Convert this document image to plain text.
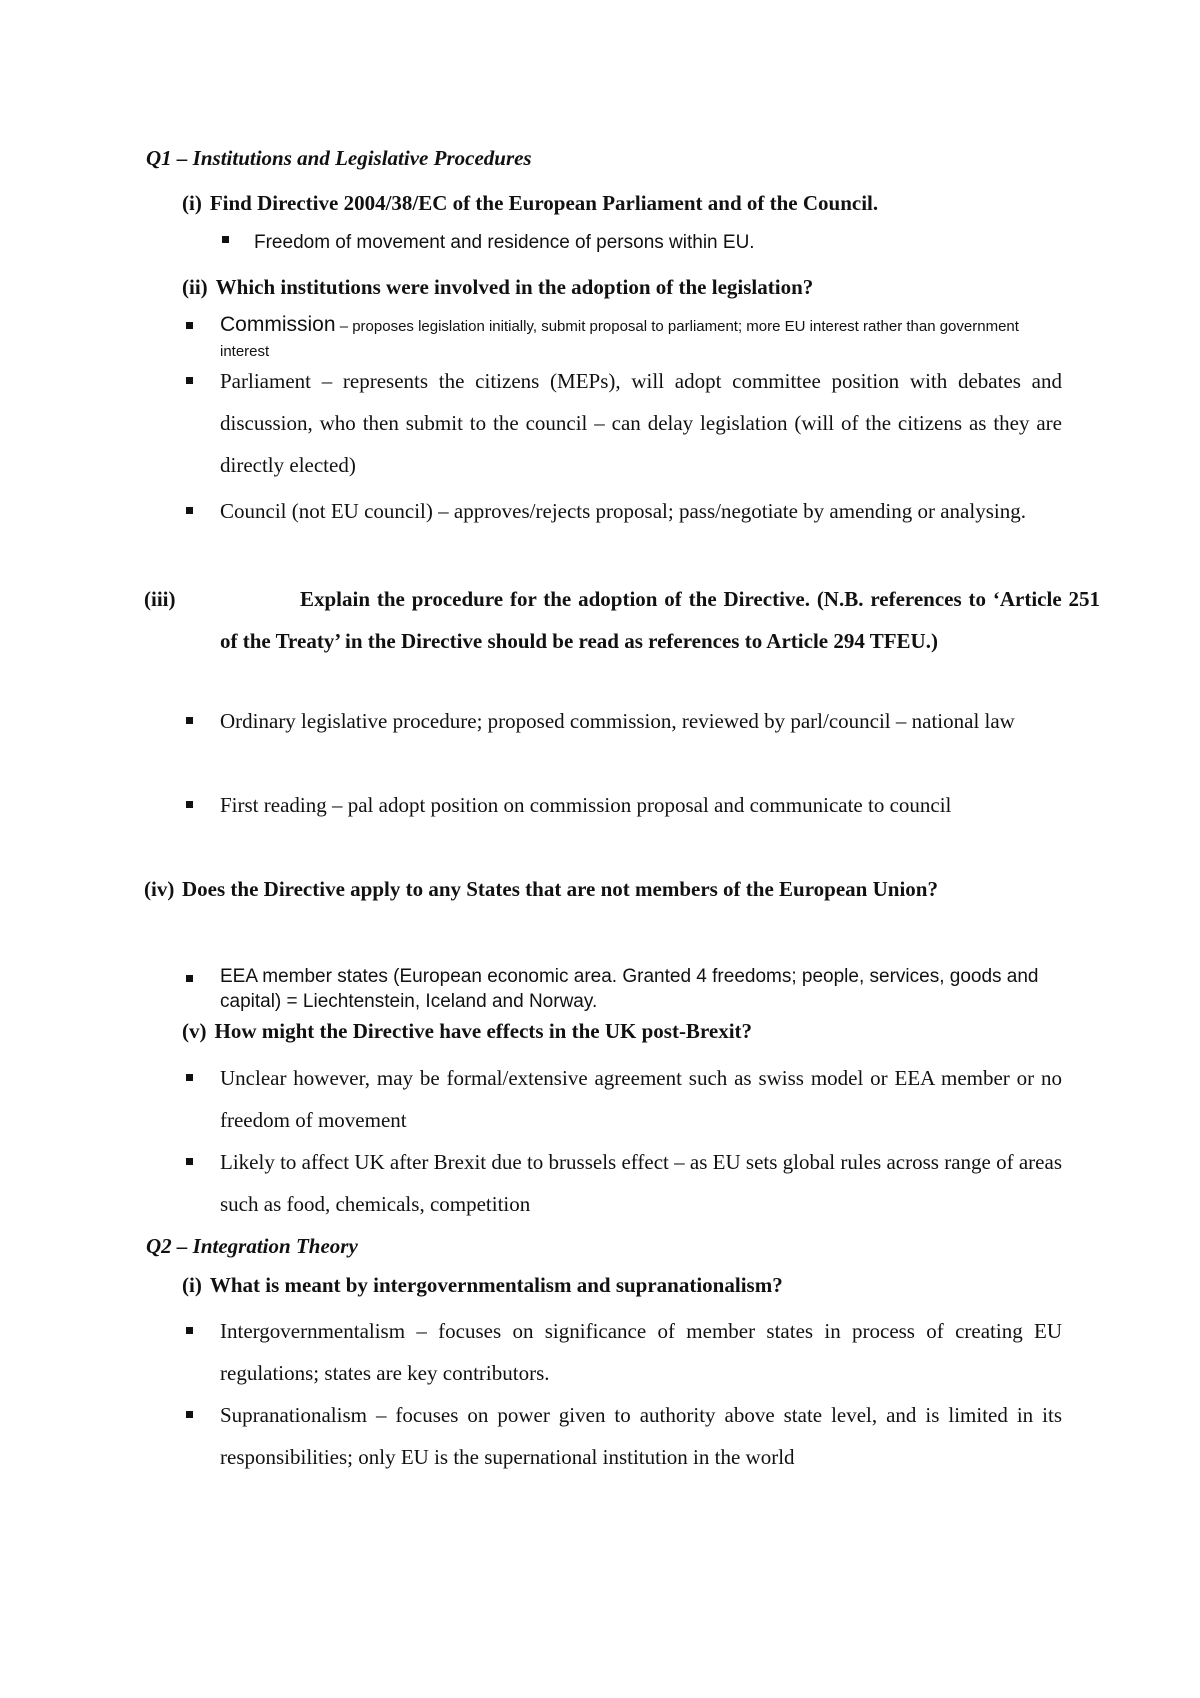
Q1 – Institutions and Legislative Procedures
(i) Find Directive 2004/38/EC of the European Parliament and of the Council.
Freedom of movement and residence of persons within EU.
(ii) Which institutions were involved in the adoption of the legislation?
Commission – proposes legislation initially, submit proposal to parliament; more EU interest rather than government interest
Parliament – represents the citizens (MEPs), will adopt committee position with debates and discussion, who then submit to the council – can delay legislation (will of the citizens as they are directly elected)
Council (not EU council) – approves/rejects proposal; pass/negotiate by amending or analysing.
(iii)	Explain the procedure for the adoption of the Directive. (N.B. references to ‘Article 251 of the Treaty’ in the Directive should be read as references to Article 294 TFEU.)
Ordinary legislative procedure; proposed commission, reviewed by parl/council – national law
First reading – pal adopt position on commission proposal and communicate to council
(iv) Does the Directive apply to any States that are not members of the European Union?
EEA member states (European economic area. Granted 4 freedoms; people, services, goods and capital) = Liechtenstein, Iceland and Norway.
(v) How might the Directive have effects in the UK post-Brexit?
Unclear however, may be formal/extensive agreement such as swiss model or EEA member or no freedom of movement
Likely to affect UK after Brexit due to brussels effect – as EU sets global rules across range of areas such as food, chemicals, competition
Q2 – Integration Theory
(i) What is meant by intergovernmentalism and supranationalism?
Intergovernmentalism – focuses on significance of member states in process of creating EU regulations; states are key contributors.
Supranationalism – focuses on power given to authority above state level, and is limited in its responsibilities; only EU is the supernational institution in the world
